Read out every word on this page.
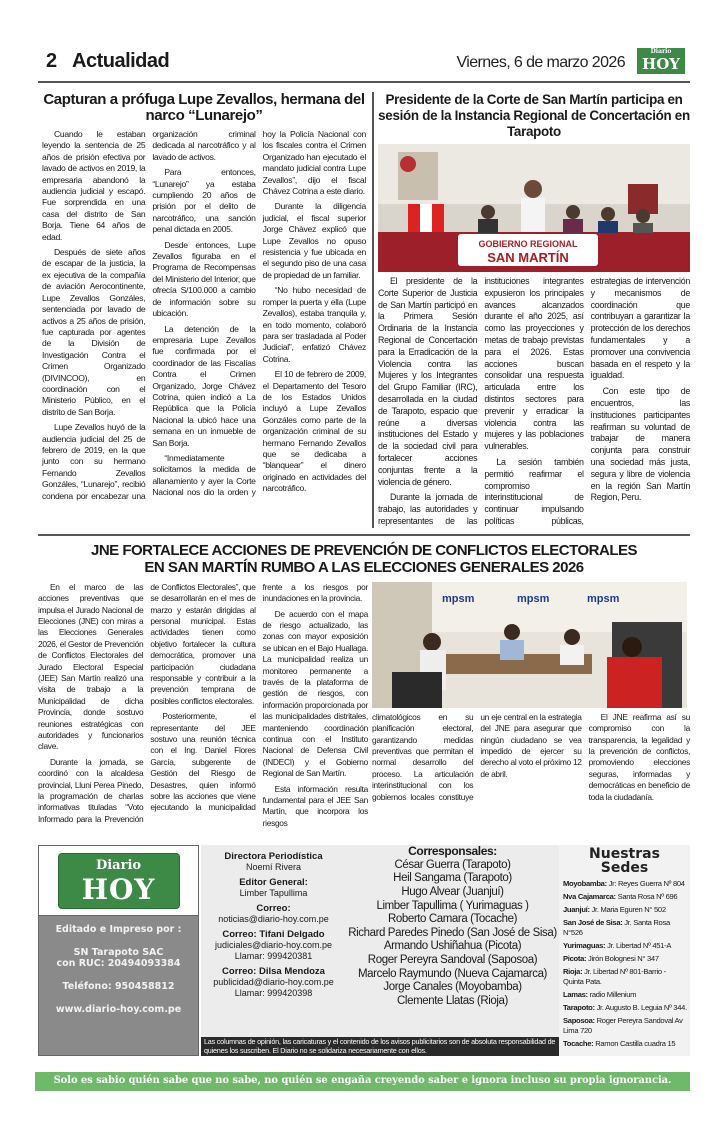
2 Actualidad	Viernes, 6 de marzo 2026
Diario
HOY
Capturan a prófuga Lupe Zevallos, hermana del narco “Lunarejo”

Cuando le estaban leyendo la sentencia de 25 años de prisión efectiva por lavado de activos en 2019, la empresaria abandonó la audiencia judicial y escapó. Fue sorprendida en una casa del distrito de San Borja. Tiene 64 años de edad.

Después de siete años de escapar de la justicia, la ex ejecutiva de la compañía de aviación Aerocontinente, Lupe Zevallos Gonzáles, sentenciada por lavado de activos a 25 años de prisión, fue capturada por agentes de la División de Investigación Contra el Crimen Organizado (DIVINCOO), en coordinación con el Ministerio Público, en el distrito de San Borja.

Lupe Zevallos huyó de la audiencia judicial del 25 de febrero de 2019, en la que junto con su hermano Fernando Zevallos Gonzáles, “Lunarejo”, recibió condena por encabezar una organización criminal dedicada al narcotráfico y al lavado de activos.

Para entonces, “Lunarejo” ya estaba cumpliendo 20 años de prisión por el delito de narcotráfico, una sanción penal dictada en 2005.

Desde entonces, Lupe Zevallos figuraba en el Programa de Recompensas del Ministerio del Interior, que ofrecía S/100.000 a cambio de información sobre su ubicación.

La detención de la empresaria Lupe Zevallos fue confirmada por el coordinador de las Fiscalías Contra el Crimen Organizado, Jorge Chávez Cotrina, quien indicó a La República que la Policía Nacional la ubicó hace una semana en un inmueble de San Borja.

“Inmediatamente solicitamos la medida de allanamiento y ayer la Corte Nacional nos dio la orden y hoy la Policía Nacional con los fiscales contra el Crimen Organizado han ejecutado el mandato judicial contra Lupe Zevallos”, dijo el fiscal Chávez Cotrina a este diario.

Durante la diligencia judicial, el fiscal superior Jorge Chàvez explicó que Lupe Zevallos no opuso resistencia y fue ubicada en el segundo piso de una casa de propiedad de un familiar.

“No hubo necesidad de romper la puerta y ella (Lupe Zevallos), estaba tranquila y, en todo momento, colaboró para ser trasladada al Poder Judicial”, enfatizó Chávez Cotrina.

El 10 de febrero de 2009, el Departamento del Tesoro de los Estados Unidos incluyó a Lupe Zevallos Gonzáles como parte de la organización criminal de su hermano Fernando Zevallos que se dedicaba a “blanquear” el dinero originado en actividades del narcotráfico.

Presidente de la Corte de San Martín participa en sesión de la Instancia Regional de Concertación en Tarapoto
GOBIERNO REGIONAL
SAN MARTÍN

El presidente de la Corte Superior de Justicia de San Martín participó en la Primera Sesión Ordinaria de la Instancia Regional de Concertación para la Erradicación de la Violencia contra las Mujeres y los Integrantes del Grupo Familiar (IRC), desarrollada en la ciudad de Tarapoto, espacio que reúne a diversas instituciones del Estado y de la sociedad civil para fortalecer acciones conjuntas frente a la violencia de género.

Durante la jornada de trabajo, las autoridades y representantes de las instituciones integrantes expusieron los principales avances alcanzados durante el año 2025, así como las proyecciones y metas de trabajo previstas para el 2026. Estas acciones buscan consolidar una respuesta articulada entre los distintos sectores para prevenir y erradicar la violencia contra las mujeres y las poblaciones vulnerables.

La sesión también permitió reafirmar el compromiso interinstitucional de continuar impulsando políticas públicas, estrategias de intervención y mecanismos de coordinación que contribuyan a garantizar la protección de los derechos fundamentales y a promover una convivencia basada en el respeto y la igualdad.

Con este tipo de encuentros, las instituciones participantes reafirman su voluntad de trabajar de manera conjunta para construir una sociedad más justa, segura y libre de violencia en la región San Martín Region, Peru.

JNE FORTALECE ACCIONES DE PREVENCIÓN DE CONFLICTOS ELECTORALES
EN SAN MARTÍN RUMBO A LAS ELECCIONES GENERALES 2026

En el marco de las acciones preventivas que impulsa el Jurado Nacional de Elecciones (JNE) con miras a las Elecciones Generales 2026, el Gestor de Prevención de Conflictos Electorales del Jurado Electoral Especial (JEE) San Martín realizó una visita de trabajo a la Municipalidad de dicha Provincia, donde sostuvo reuniones estratégicas con autoridades y funcionarios clave.

Durante la jornada, se coordinó con la alcaldesa provincial, Lluni Perea Pinedo, la programación de charlas informativas tituladas “Voto Informado para la Prevención de Conflictos Electorales”, que se desarrollarán en el mes de marzo y estarán dirigidas al personal municipal. Estas actividades tienen como objetivo fortalecer la cultura democrática, promover una participación ciudadana responsable y contribuir a la prevención temprana de posibles conflictos electorales.

Posteriormente, el representante del JEE sostuvo una reunión técnica con el Ing. Daniel Flores García, subgerente de Gestión del Riesgo de Desastres, quien informó sobre las acciones que viene ejecutando la municipalidad frente a los riesgos por inundaciones en la provincia.

De acuerdo con el mapa de riesgo actualizado, las zonas con mayor exposición se ubican en el Bajo Huallaga. La municipalidad realiza un monitoreo permanente a través de la plataforma de gestión de riesgos, con información proporcionada por las municipalidades distritales, manteniendo coordinación continua con el Instituto Nacional de Defensa Civil (INDECI) y el Gobierno Regional de San Martín.

Esta información resulta fundamental para el JEE San Martín, que incorpora los riesgos

mpsm	mpsm	mpsm

climatológicos en su planificación electoral, garantizando medidas preventivas que permitan el normal desarrollo del proceso. La articulación interinstitucional con los gobiernos locales constituye un eje central en la estrategia del JNE para asegurar que ningún ciudadano se vea impedido de ejercer su derecho al voto el próximo 12 de abril.

El JNE reafirma así su compromiso con la transparencia, la legalidad y la prevención de conflictos, promoviendo elecciones seguras, informadas y democráticas en beneficio de toda la ciudadanía.

Diario
HOY
Editado e Impreso por :
SN Tarapoto SAC
con RUC: 20494093384
Teléfono: 950458812
www.diario-hoy.com.pe
Directora Periodística
Noemí Rivera
Editor General:
Limber Tapullima
Correo:
noticias@diario-hoy.com.pe
Correo: Tifani Delgado
judiciales@diario-hoy.com.pe
Llamar: 999420381
Correo: Dilsa Mendoza
publicidad@diario-hoy.com.pe
Llamar: 999420398
Corresponsales:
César Guerra (Tarapoto)
Heil Sangama (Tarapoto)
Hugo Alvear (Juanjuí)
Limber Tapullima ( Yurimaguas )
Roberto Camara (Tocache)
Richard Paredes Pinedo (San José de Sisa)
Armando Ushiñahua (Picota)
Roger Pereyra Sandoval (Saposoa)
Marcelo Raymundo (Nueva Cajamarca)
Jorge Canales (Moyobamba)
Clemente Llatas (Rioja)
Las columnas de opinión, las caricaturas y el contenido de los avisos publicitarios son de absoluta responsabilidad de quienes los suscriben. El Diario no se solidariza necesariamente con ellos.
Nuestras
Sedes
Moyobamba: Jr: Reyes Guerra Nº 804
Nva Cajamarca: Santa Rosa Nº 696
Juanjuí: Jr. Maria Eguren N° 502
San José de Sisa: Jr. Santa Rosa N°526
Yurimaguas: Jr. Libertad Nº 451-A
Picota: Jirón Bolognesi N° 347
Rioja: Jr. Libertad Nº 801-Barrio - Quinta Pata.
Lamas: radio Millenium
Tarapoto: Jr. Augusto B. Leguia Nº 344.
Saposoa: Roger Pereyra Sandoval Av Lima 720
Tocache: Ramon Castilla cuadra 15
Solo es sabio quién sabe que no sabe, no quién se engaña creyendo saber e ignora incluso su propia ignorancia.
